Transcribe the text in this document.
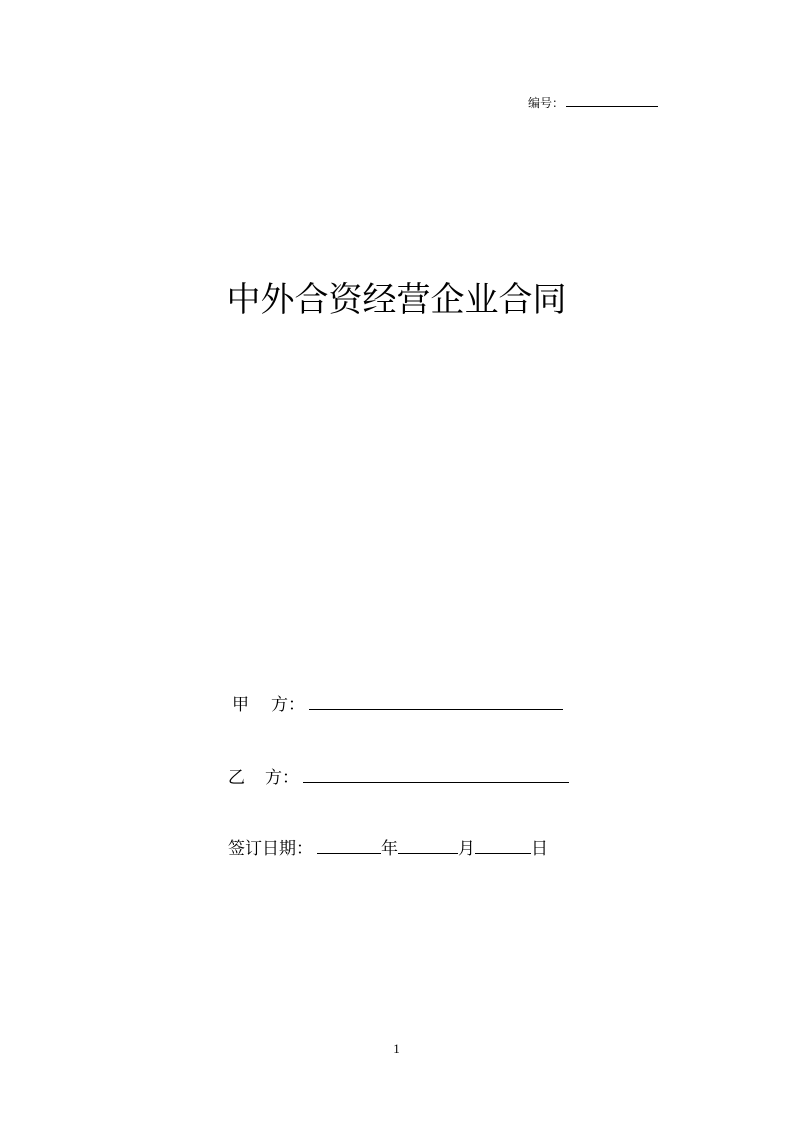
编号：
中外合资经营企业合同
甲 方：
乙 方：
签订日期：	年	月	日
1
